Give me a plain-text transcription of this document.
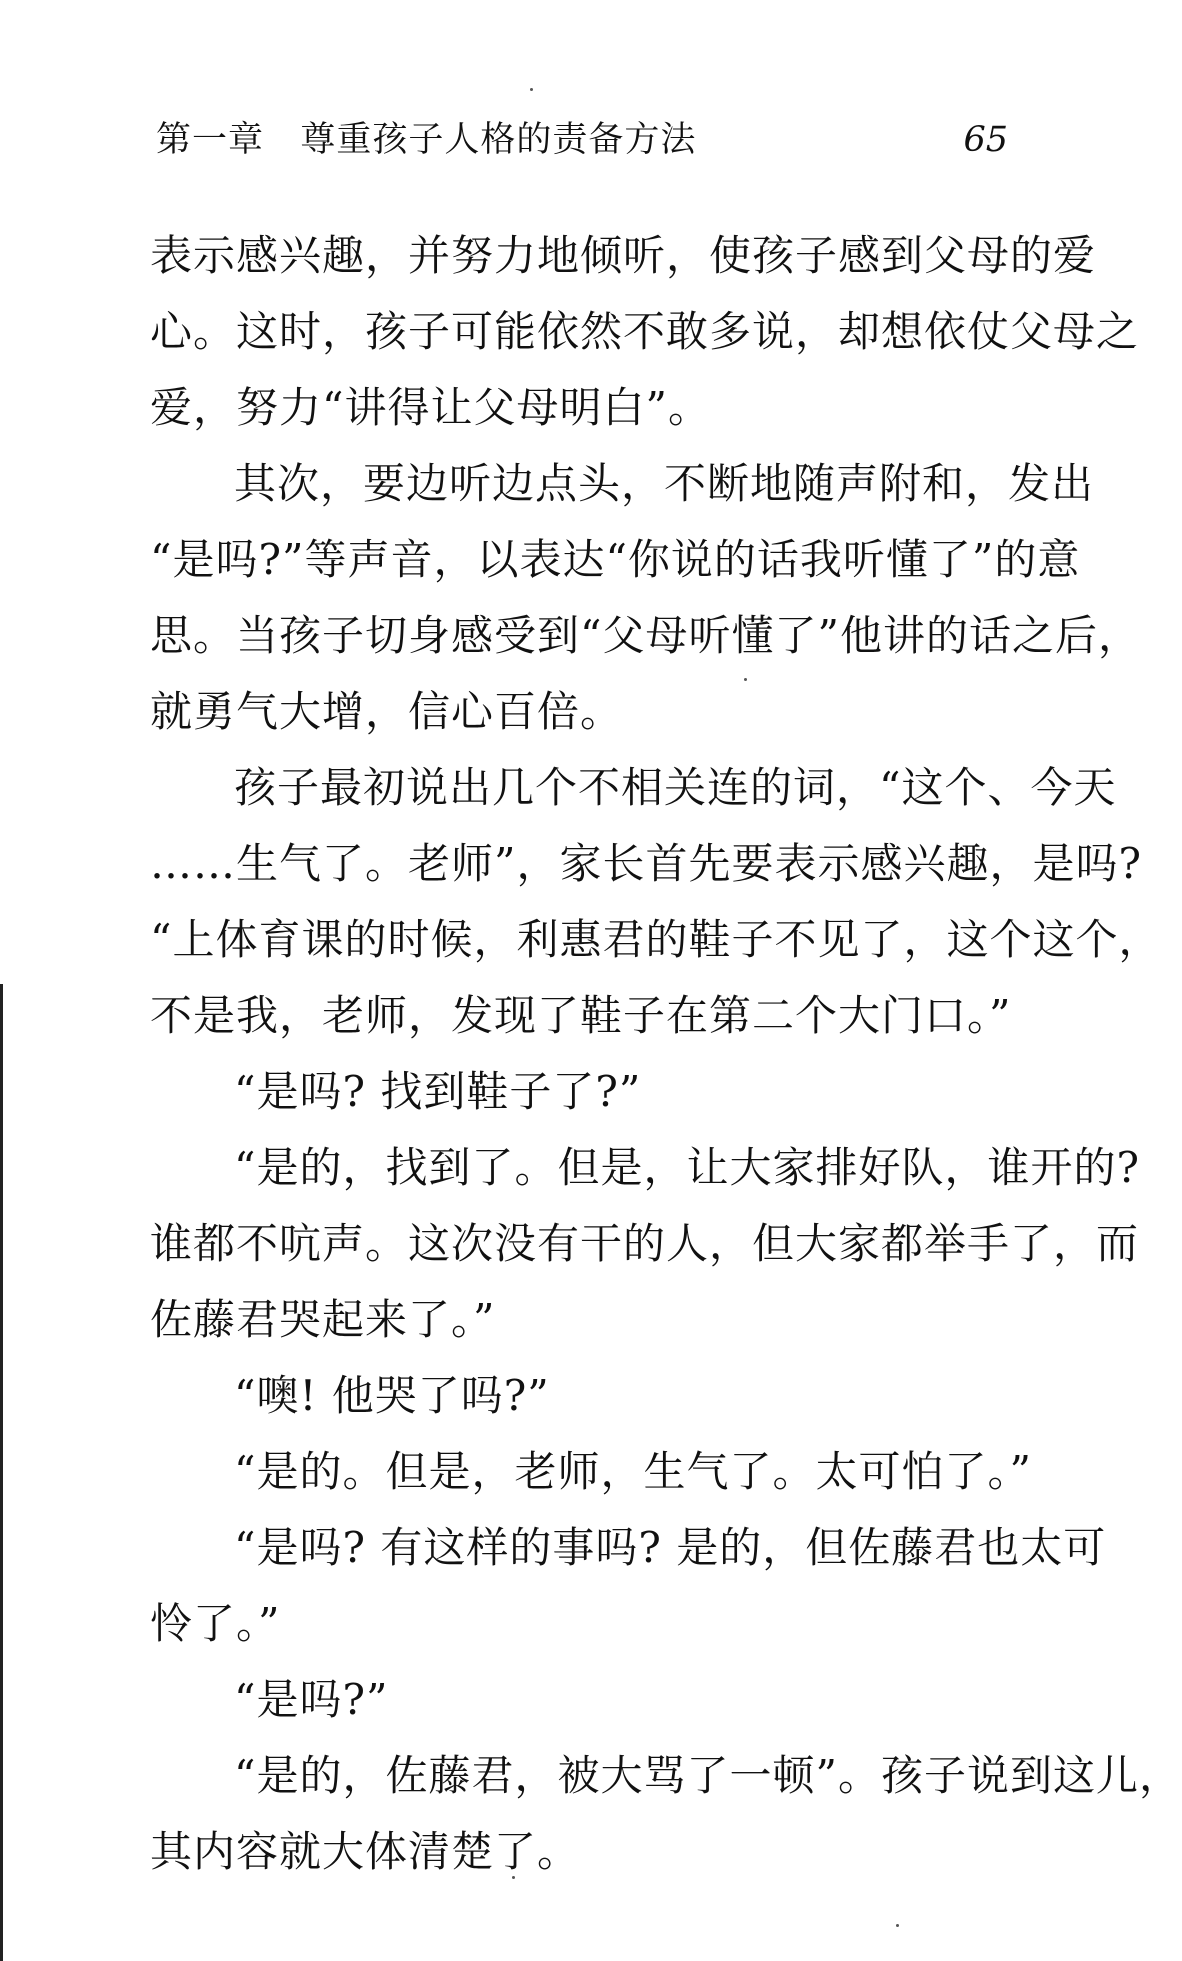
第一章   尊重孩子人格的责备方法	65
表示感兴趣，并努力地倾听，使孩子感到父母的爱
心。这时，孩子可能依然不敢多说，却想依仗父母之
爱，努力“讲得让父母明白”。
其次，要边听边点头，不断地随声附和，发出
“是吗?”等声音，以表达“你说的话我听懂了”的意
思。当孩子切身感受到“父母听懂了”他讲的话之后，
就勇气大增，信心百倍。
孩子最初说出几个不相关连的词，“这个、今天
……生气了。老师”，家长首先要表示感兴趣，是吗?
“上体育课的时候，利惠君的鞋子不见了，这个这个，
不是我，老师，发现了鞋子在第二个大门口。”
“是吗? 找到鞋子了?”
“是的，找到了。但是，让大家排好队，谁开的?
谁都不吭声。这次没有干的人，但大家都举手了，而
佐藤君哭起来了。”
“噢! 他哭了吗?”
“是的。但是，老师，生气了。太可怕了。”
“是吗? 有这样的事吗? 是的，但佐藤君也太可
怜了。”
“是吗?”
“是的，佐藤君，被大骂了一顿”。孩子说到这儿，
其内容就大体清楚了。
